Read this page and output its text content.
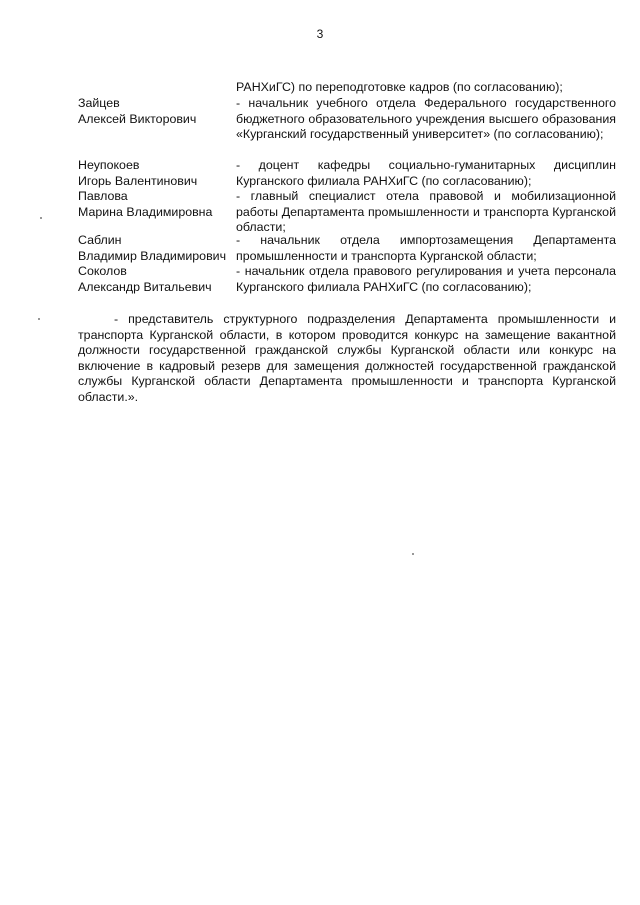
3
РАНХиГС) по переподготовке кадров (по согласованию);
Зайцев
Алексей Викторович
- начальник учебного отдела Федерального государственного бюджетного образовательного учреждения высшего образования «Курганский государственный университет» (по согласованию);
Неупокоев
Игорь Валентинович
- доцент кафедры социально-гуманитарных дисциплин Курганского филиала РАНХиГС (по согласованию);
Павлова
Марина Владимировна
- главный специалист отела правовой и мобилизационной работы Департамента промышленности и транспорта Курганской области;
Саблин
Владимир Владимирович
- начальник отдела импортозамещения Департамента промышленности и транспорта Курганской области;
Соколов
Александр Витальевич
- начальник отдела правового регулирования и учета персонала Курганского филиала РАНХиГС (по согласованию);
- представитель структурного подразделения Департамента промышленности и транспорта Курганской области, в котором проводится конкурс на замещение вакантной должности государственной гражданской службы Курганской области или конкурс на включение в кадровый резерв для замещения должностей государственной гражданской службы Курганской области Департамента промышленности и транспорта Курганской области.».
